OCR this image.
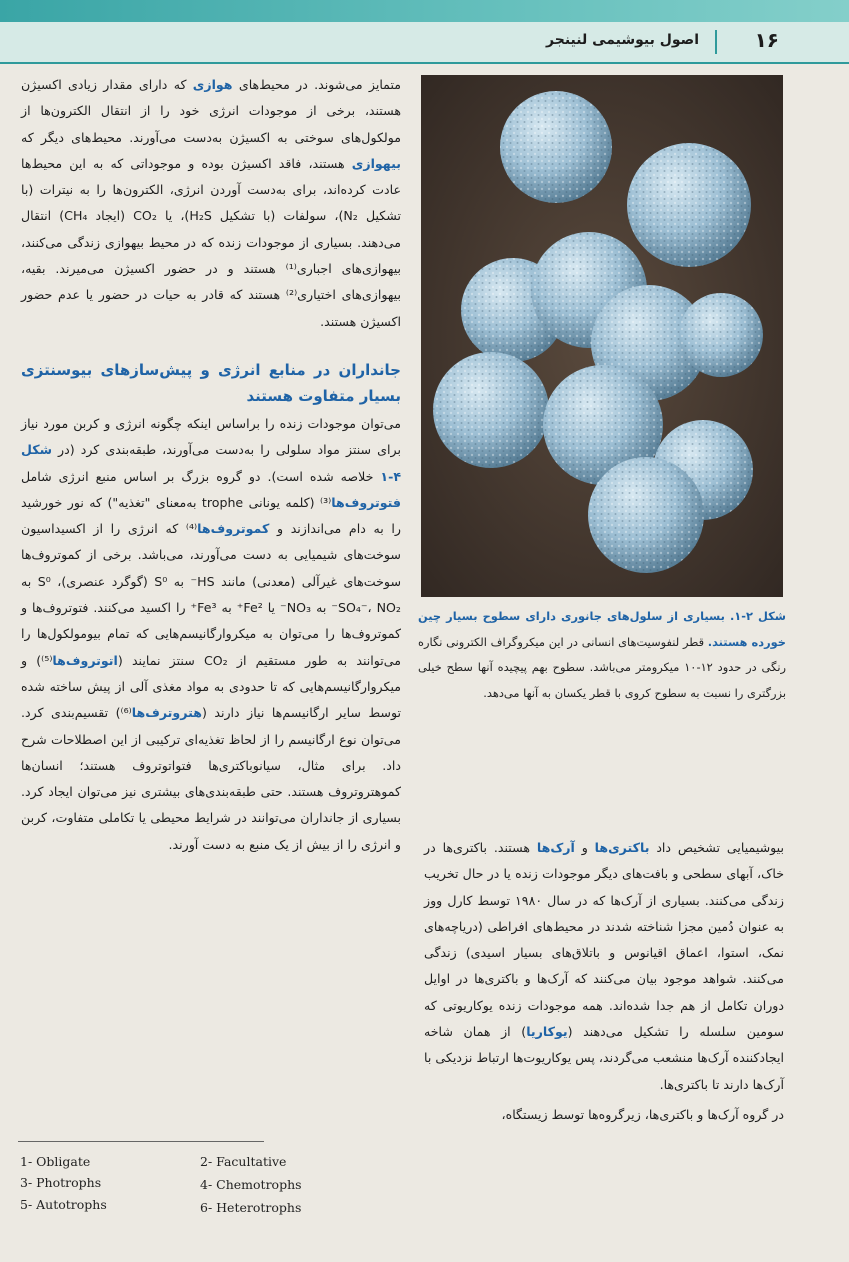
۱۶
اصول بیوشیمی لنینجر

متمایز می‌شوند. در محیط‌های هوازی که دارای مقدار زیادی اکسیژن هستند، برخی از موجودات انرژی خود را از انتقال الکترون‌ها از مولکول‌های سوختی به اکسیژن به‌دست می‌آورند. محیط‌های دیگر که بیهوازی هستند، فاقد اکسیژن بوده و موجوداتی که به این محیط‌ها عادت کرده‌اند، برای به‌دست آوردن انرژی، الکترون‌ها را به نیترات (با تشکیل N₂)، سولفات (با تشکیل H₂S)، یا CO₂ (ایجاد CH₄) انتقال می‌دهند. بسیاری از موجودات زنده که در محیط بیهوازی زندگی می‌کنند، بیهوازی‌های اجباری⁽¹⁾ هستند و در حضور اکسیژن می‌میرند. بقیه، بیهوازی‌های اختیاری⁽²⁾ هستند که قادر به حیات در حضور یا عدم حضور اکسیژن هستند.

جانداران در منابع انرژی و پیش‌سازهای بیوسنتزی بسیار متفاوت هستند

می‌توان موجودات زنده را براساس اینکه چگونه انرژی و کربن مورد نیاز برای سنتز مواد سلولی را به‌دست می‌آورند، طبقه‌بندی کرد (در شکل ۴-۱ خلاصه شده است). دو گروه بزرگ بر اساس منبع انرژی شامل فتوتروف‌ها⁽³⁾ (کلمه یونانی trophe به‌معنای "تغذیه") که نور خورشید را به دام می‌اندازند و کموتروف‌ها⁽⁴⁾ که انرژی را از اکسیداسیون سوخت‌های شیمیایی به دست می‌آورند، می‌باشد. برخی از کموتروف‌ها سوخت‌های غیرآلی (معدنی) مانند HS⁻ به S⁰ (گوگرد عنصری)، S⁰ به SO₄⁻، NO₂⁻ به NO₃⁻ یا Fe²⁺ به Fe³⁺ را اکسید می‌کنند. فتوتروف‌ها و کموتروف‌ها را می‌توان به میکروارگانیسم‌هایی که تمام بیومولکول‌ها را می‌توانند به طور مستقیم از CO₂ سنتز نمایند (اتوتروف‌ها⁽⁵⁾) و میکروارگانیسم‌هایی که تا حدودی به مواد مغذی آلی از پیش ساخته شده توسط سایر ارگانیسم‌ها نیاز دارند (هتروترف‌ها⁽⁶⁾) تقسیم‌بندی کرد. می‌توان نوع ارگانیسم را از لحاظ تغذیه‌ای ترکیبی از این اصطلاحات شرح داد. برای مثال، سیانوباکتری‌ها فتواتوتروف هستند؛ انسان‌ها کموهتروتروف هستند. حتی طبقه‌بندی‌های بیشتری نیز می‌توان ایجاد کرد. بسیاری از جانداران می‌توانند در شرایط محیطی یا تکاملی متفاوت، کربن و انرژی را از بیش از یک منبع به دست آورند.

شکل ۲-۱. بسیاری از سلول‌های جانوری دارای سطوح بسیار چین خورده هستند. قطر لنفوسیت‌های انسانی در این میکروگراف الکترونی نگاره رنگی در حدود ۱۲-۱۰ میکرومتر می‌باشد. سطوح بهم پیچیده آنها سطح خیلی بزرگتری را نسبت به سطوح کروی با قطر یکسان به آنها می‌دهد.

بیوشیمیایی تشخیص داد باکتری‌ها و آرک‌ها هستند. باکتری‌ها در خاک، آبهای سطحی و بافت‌های دیگر موجودات زنده یا در حال تخریب زندگی می‌کنند. بسیاری از آرک‌ها که در سال ۱۹۸۰ توسط کارل ووز به عنوان دُمین مجزا شناخته شدند در محیط‌های افراطی (دریاچه‌های نمک، استوا، اعماق اقیانوس و باتلاق‌های بسیار اسیدی) زندگی می‌کنند. شواهد موجود بیان می‌کنند که آرک‌ها و باکتری‌ها در اوایل دوران تکامل از هم جدا شده‌اند. همه موجودات زنده یوکاریوتی که سومین سلسله را تشکیل می‌دهند (یوکاریا) از همان شاخه ایجادکننده آرک‌ها منشعب می‌گردند، پس یوکاریوت‌ها ارتباط نزدیکی با آرک‌ها دارند تا باکتری‌ها.

در گروه آرک‌ها و باکتری‌ها، زیرگروه‌ها توسط زیستگاه،

1- Obligate	2- Facultative
3- Photrophs	4- Chemotrophs
5- Autotrophs	6- Heterotrophs
